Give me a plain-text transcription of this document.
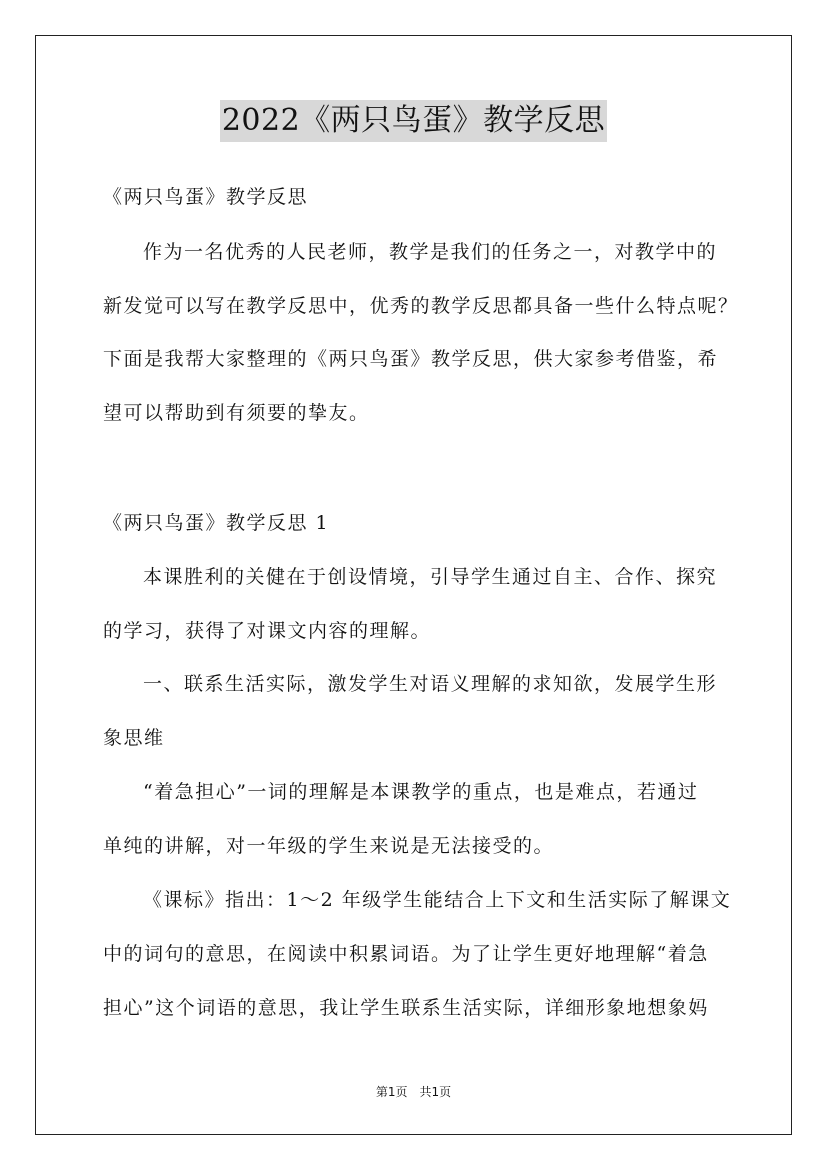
2022《两只鸟蛋》教学反思
《两只鸟蛋》教学反思
作为一名优秀的人民老师，教学是我们的任务之一，对教学中的
新发觉可以写在教学反思中，优秀的教学反思都具备一些什么特点呢？
下面是我帮大家整理的《两只鸟蛋》教学反思，供大家参考借鉴，希
望可以帮助到有须要的挚友。
《两只鸟蛋》教学反思 1
本课胜利的关健在于创设情境，引导学生通过自主、合作、探究
的学习，获得了对课文内容的理解。
一、联系生活实际，激发学生对语义理解的求知欲，发展学生形
象思维
“着急担心”一词的理解是本课教学的重点，也是难点，若通过
单纯的讲解，对一年级的学生来说是无法接受的。
《课标》指出：1～2 年级学生能结合上下文和生活实际了解课文
中的词句的意思，在阅读中积累词语。为了让学生更好地理解“着急
担心”这个词语的意思，我让学生联系生活实际，详细形象地想象妈
第1页　共1页
